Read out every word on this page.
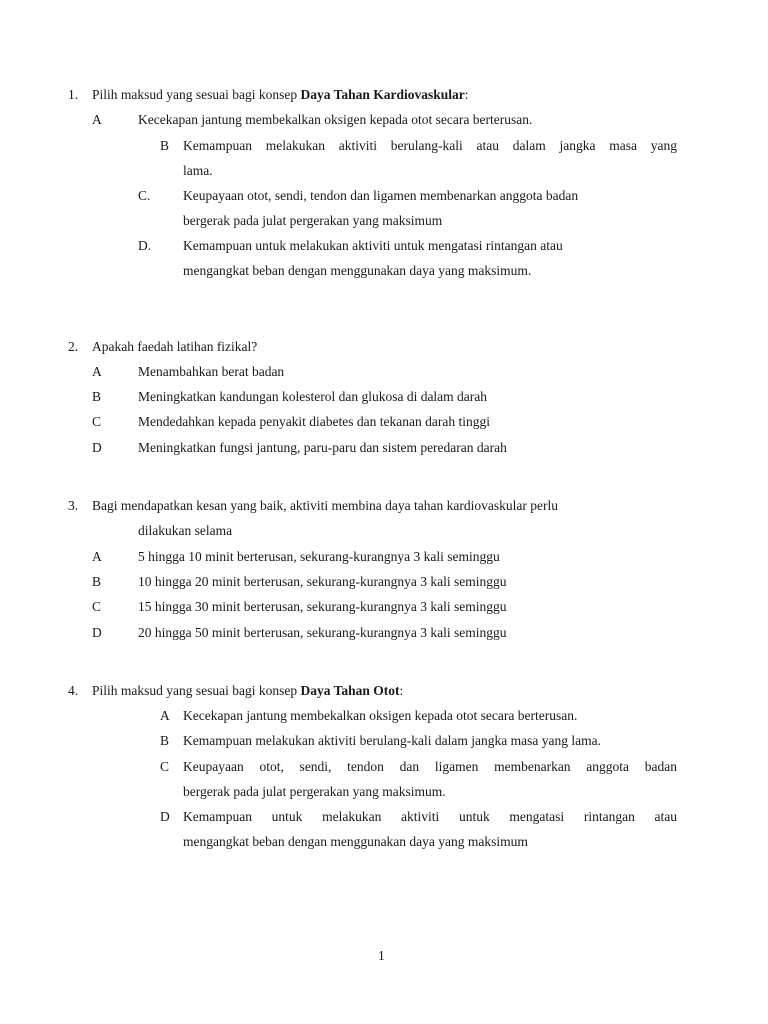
1. Pilih maksud yang sesuai bagi konsep Daya Tahan Kardiovaskular:
A	Kecekapan jantung membekalkan oksigen kepada otot secara berterusan.
B Kemampuan melakukan aktiviti berulang-kali atau dalam jangka masa yang
lama.
C. Keupayaan otot, sendi, tendon dan ligamen membenarkan anggota badan
bergerak pada julat pergerakan yang maksimum
D. Kemampuan untuk melakukan aktiviti untuk mengatasi rintangan atau
mengangkat beban dengan menggunakan daya yang maksimum.
2. Apakah faedah latihan fizikal?
A	Menambahkan berat badan
B	Meningkatkan kandungan kolesterol dan glukosa di dalam darah
C	Mendedahkan kepada penyakit diabetes dan tekanan darah tinggi
D	Meningkatkan fungsi jantung, paru-paru dan sistem peredaran darah
3. Bagi mendapatkan kesan yang baik, aktiviti membina daya tahan kardiovaskular perlu
dilakukan selama
A	5 hingga 10 minit berterusan, sekurang-kurangnya 3 kali seminggu
B	10 hingga 20 minit berterusan, sekurang-kurangnya 3 kali seminggu
C	15 hingga 30 minit berterusan, sekurang-kurangnya 3 kali seminggu
D	20 hingga 50 minit berterusan, sekurang-kurangnya 3 kali seminggu
4. Pilih maksud yang sesuai bagi konsep Daya Tahan Otot:
A Kecekapan jantung membekalkan oksigen kepada otot secara berterusan.
B Kemampuan melakukan aktiviti berulang-kali dalam jangka masa yang lama.
C Keupayaan otot, sendi, tendon dan ligamen membenarkan anggota badan
bergerak pada julat pergerakan yang maksimum.
D Kemampuan untuk melakukan aktiviti untuk mengatasi rintangan atau
mengangkat beban dengan menggunakan daya yang maksimum
1
